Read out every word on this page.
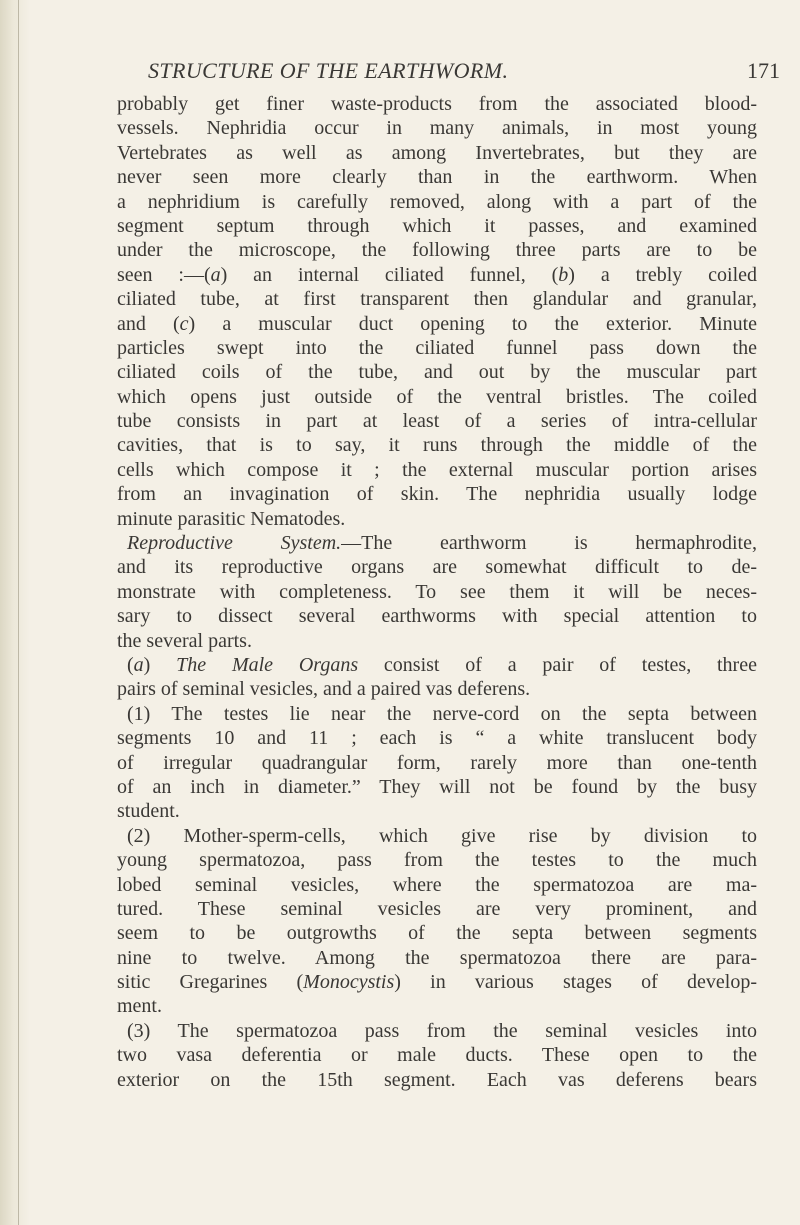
STRUCTURE OF THE EARTHWORM.	171
probably get finer waste-products from the associated blood-
vessels. Nephridia occur in many animals, in most young
Vertebrates as well as among Invertebrates, but they are
never seen more clearly than in the earthworm. When
a nephridium is carefully removed, along with a part of the
segment septum through which it passes, and examined
under the microscope, the following three parts are to be
seen :—(a) an internal ciliated funnel, (b) a trebly coiled
ciliated tube, at first transparent then glandular and granular,
and (c) a muscular duct opening to the exterior. Minute
particles swept into the ciliated funnel pass down the
ciliated coils of the tube, and out by the muscular part
which opens just outside of the ventral bristles. The coiled
tube consists in part at least of a series of intra-cellular
cavities, that is to say, it runs through the middle of the
cells which compose it ; the external muscular portion arises
from an invagination of skin. The nephridia usually lodge
minute parasitic Nematodes.
Reproductive System.—The earthworm is hermaphrodite,
and its reproductive organs are somewhat difficult to de-
monstrate with completeness. To see them it will be neces-
sary to dissect several earthworms with special attention to
the several parts.
(a) The Male Organs consist of a pair of testes, three
pairs of seminal vesicles, and a paired vas deferens.
(1) The testes lie near the nerve-cord on the septa between
segments 10 and 11 ; each is “ a white translucent body
of irregular quadrangular form, rarely more than one-tenth
of an inch in diameter.” They will not be found by the busy
student.
(2) Mother-sperm-cells, which give rise by division to
young spermatozoa, pass from the testes to the much
lobed seminal vesicles, where the spermatozoa are ma-
tured. These seminal vesicles are very prominent, and
seem to be outgrowths of the septa between segments
nine to twelve. Among the spermatozoa there are para-
sitic Gregarines (Monocystis) in various stages of develop-
ment.
(3) The spermatozoa pass from the seminal vesicles into
two vasa deferentia or male ducts. These open to the
exterior on the 15th segment. Each vas deferens bears
